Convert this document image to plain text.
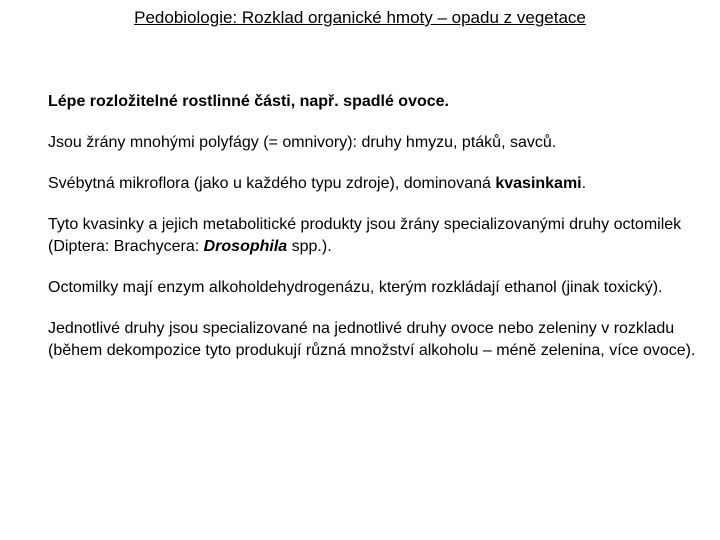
Pedobiologie: Rozklad organické hmoty – opadu z vegetace

Lépe rozložitelné rostlinné části, např. spadlé ovoce.

Jsou žrány mnohými polyfágy (= omnivory): druhy hmyzu, ptáků, savců.

Svébytná mikroflora (jako u každého typu zdroje), dominovaná kvasinkami.

Tyto kvasinky a jejich metabolitické produkty jsou žrány specializovanými druhy octomilek (Diptera: Brachycera: Drosophila spp.).

Octomilky mají enzym alkoholdehydrogenázu, kterým rozkládají ethanol (jinak toxický).

Jednotlivé druhy jsou specializované na jednotlivé druhy ovoce nebo zeleniny v rozkladu (během dekompozice tyto produkují různá množství alkoholu – méně zelenina, více ovoce).
